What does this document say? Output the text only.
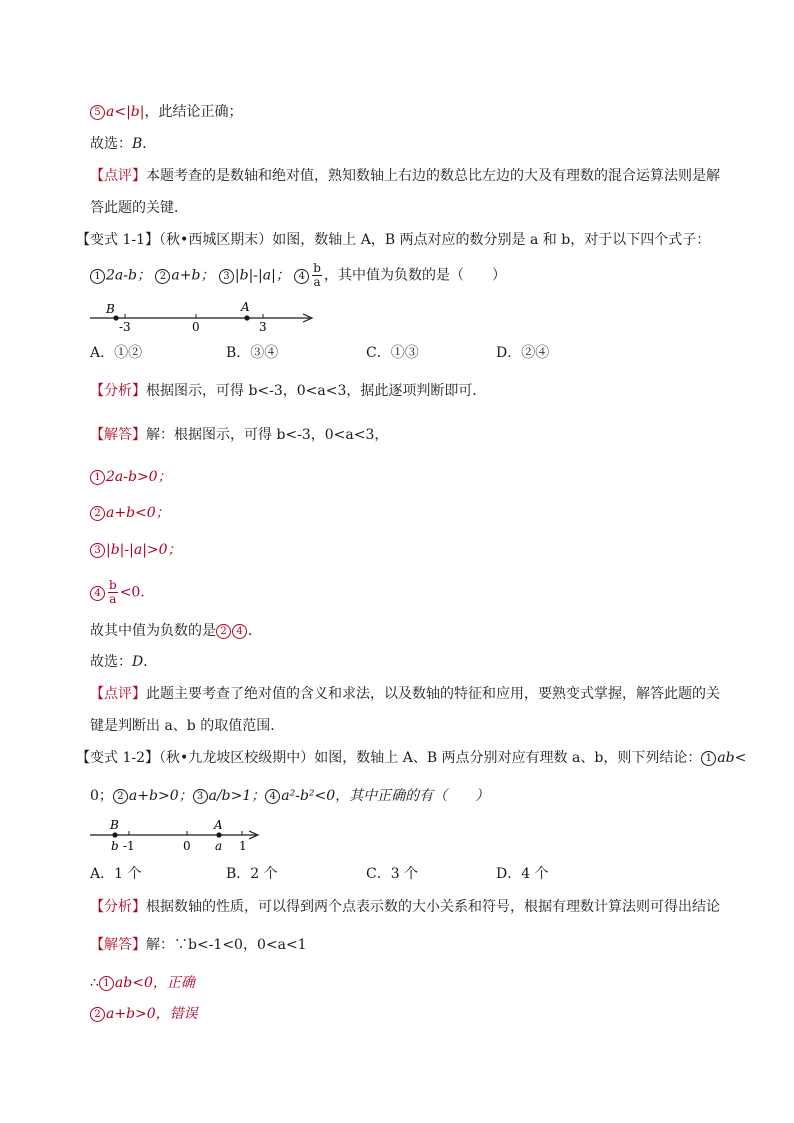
5 a<|b|，此结论正确；
故选：B．
【点评】本题考查的是数轴和绝对值，熟知数轴上右边的数总比左边的大及有理数的混合运算法则是解
答此题的关键．
【变式 1-1】（秋•西城区期末）如图，数轴上 A，B 两点对应的数分别是 a 和 b，对于以下四个式子：
1 2a-b； 2 a+b； 3 |b|-|a|； $4 \frac{b}{a}$ ，其中值为负数的是（　　）
B	A
-3	0	3
A．①②	B．③④	C．①③	D．②④
【分析】根据图示，可得 b<-3，0<a<3，据此逐项判断即可．
【解答】解：根据图示，可得 b<-3，0<a<3，
1 2a-b>0；
2 a+b<0；
3 |b|-|a|>0；
$4 \frac{b}{a} <0$．
故其中值为负数的是 2 4 ．
故选：D．
【点评】此题主要考查了绝对值的含义和求法，以及数轴的特征和应用，要熟变式掌握，解答此题的关
键是判断出 a、b 的取值范围．
【变式 1-2】（秋•九龙坡区校级期中）如图，数轴上 A、B 两点分别对应有理数 a、b，则下列结论： 1 ab<
0； 2 a+b>0； 3 a/b>1； 4 a²-b²<0，其中正确的有（　　）
B	A
b -1	0 a 1
A．1 个	B．2 个	C．3 个	D．4 个
【分析】根据数轴的性质，可以得到两个点表示数的大小关系和符号，根据有理数计算法则可得出结论
【解答】解：∵b<-1<0，0<a<1
∴ 1 ab<0，正确
2 a+b>0，错误
